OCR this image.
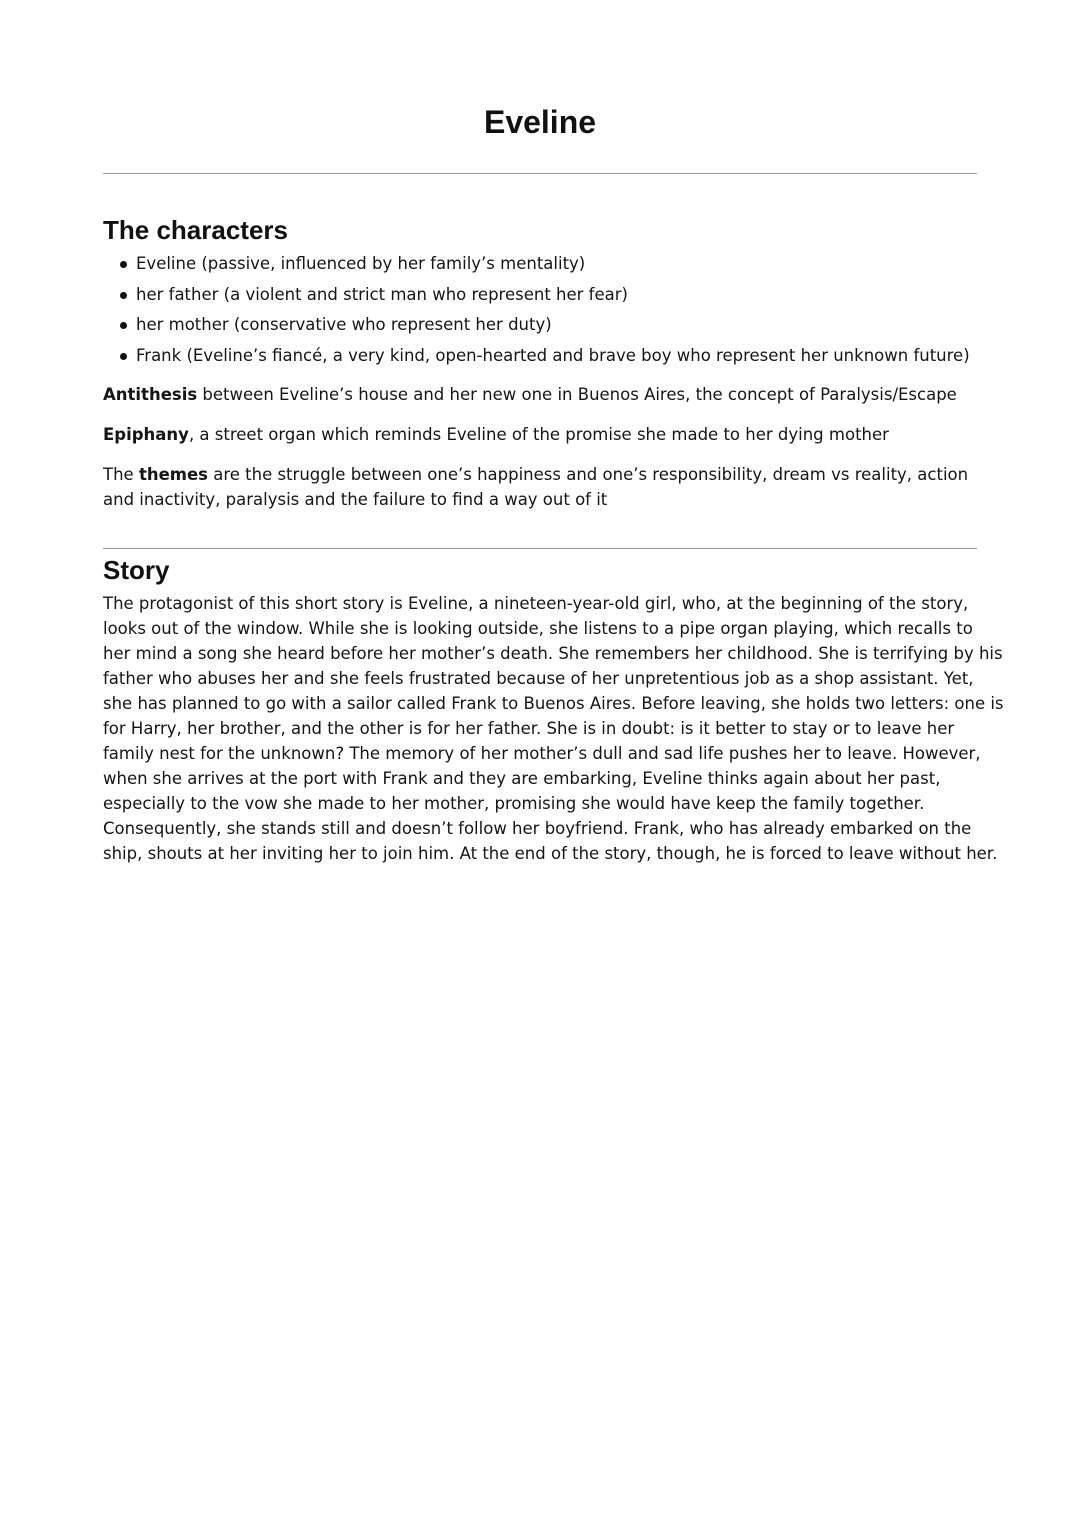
Eveline
The characters
Eveline (passive, influenced by her family’s mentality)
her father (a violent and strict man who represent her fear)
her mother (conservative who represent her duty)
Frank (Eveline’s fiancé, a very kind, open-hearted and brave boy who represent her unknown future)

Antithesis between Eveline’s house and her new one in Buenos Aires, the concept of Paralysis/Escape

Epiphany, a street organ which reminds Eveline of the promise she made to her dying mother

The themes are the struggle between one’s happiness and one’s responsibility, dream vs reality, action and inactivity, paralysis and the failure to find a way out of it

Story

The protagonist of this short story is Eveline, a nineteen-year-old girl, who, at the beginning of the story,
looks out of the window. While she is looking outside, she listens to a pipe organ playing, which recalls to
her mind a song she heard before her mother’s death. She remembers her childhood. She is terrifying by his
father who abuses her and she feels frustrated because of her unpretentious job as a shop assistant. Yet,
she has planned to go with a sailor called Frank to Buenos Aires. Before leaving, she holds two letters: one is
for Harry, her brother, and the other is for her father. She is in doubt: is it better to stay or to leave her
family nest for the unknown? The memory of her mother’s dull and sad life pushes her to leave. However,
when she arrives at the port with Frank and they are embarking, Eveline thinks again about her past,
especially to the vow she made to her mother, promising she would have keep the family together.
Consequently, she stands still and doesn’t follow her boyfriend. Frank, who has already embarked on the
ship, shouts at her inviting her to join him. At the end of the story, though, he is forced to leave without her.
